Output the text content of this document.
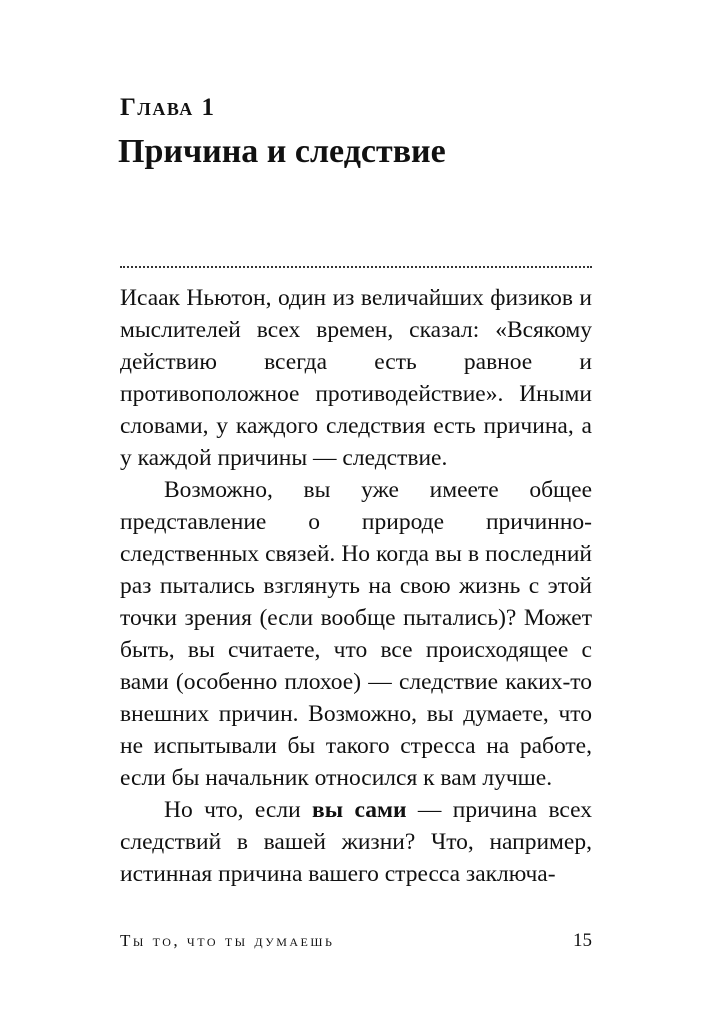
Глава 1
Причина и следствие

Исаак Ньютон, один из величайших физиков и мыслителей всех времен, сказал: «Всякому действию всегда есть равное и противоположное противодействие». Иными словами, у каждого следствия есть причина, а у каждой причины — следствие.

Возможно, вы уже имеете общее представление о природе причинно-следственных связей. Но когда вы в последний раз пытались взглянуть на свою жизнь с этой точки зрения (если вообще пытались)? Может быть, вы считаете, что все происходящее с вами (особенно плохое) — следствие каких-то внешних причин. Возможно, вы думаете, что не испытывали бы такого стресса на работе, если бы начальник относился к вам лучше.

Но что, если вы сами — причина всех следствий в вашей жизни? Что, например, истинная причина вашего стресса заключа-

Ты то, что ты думаешь	15
